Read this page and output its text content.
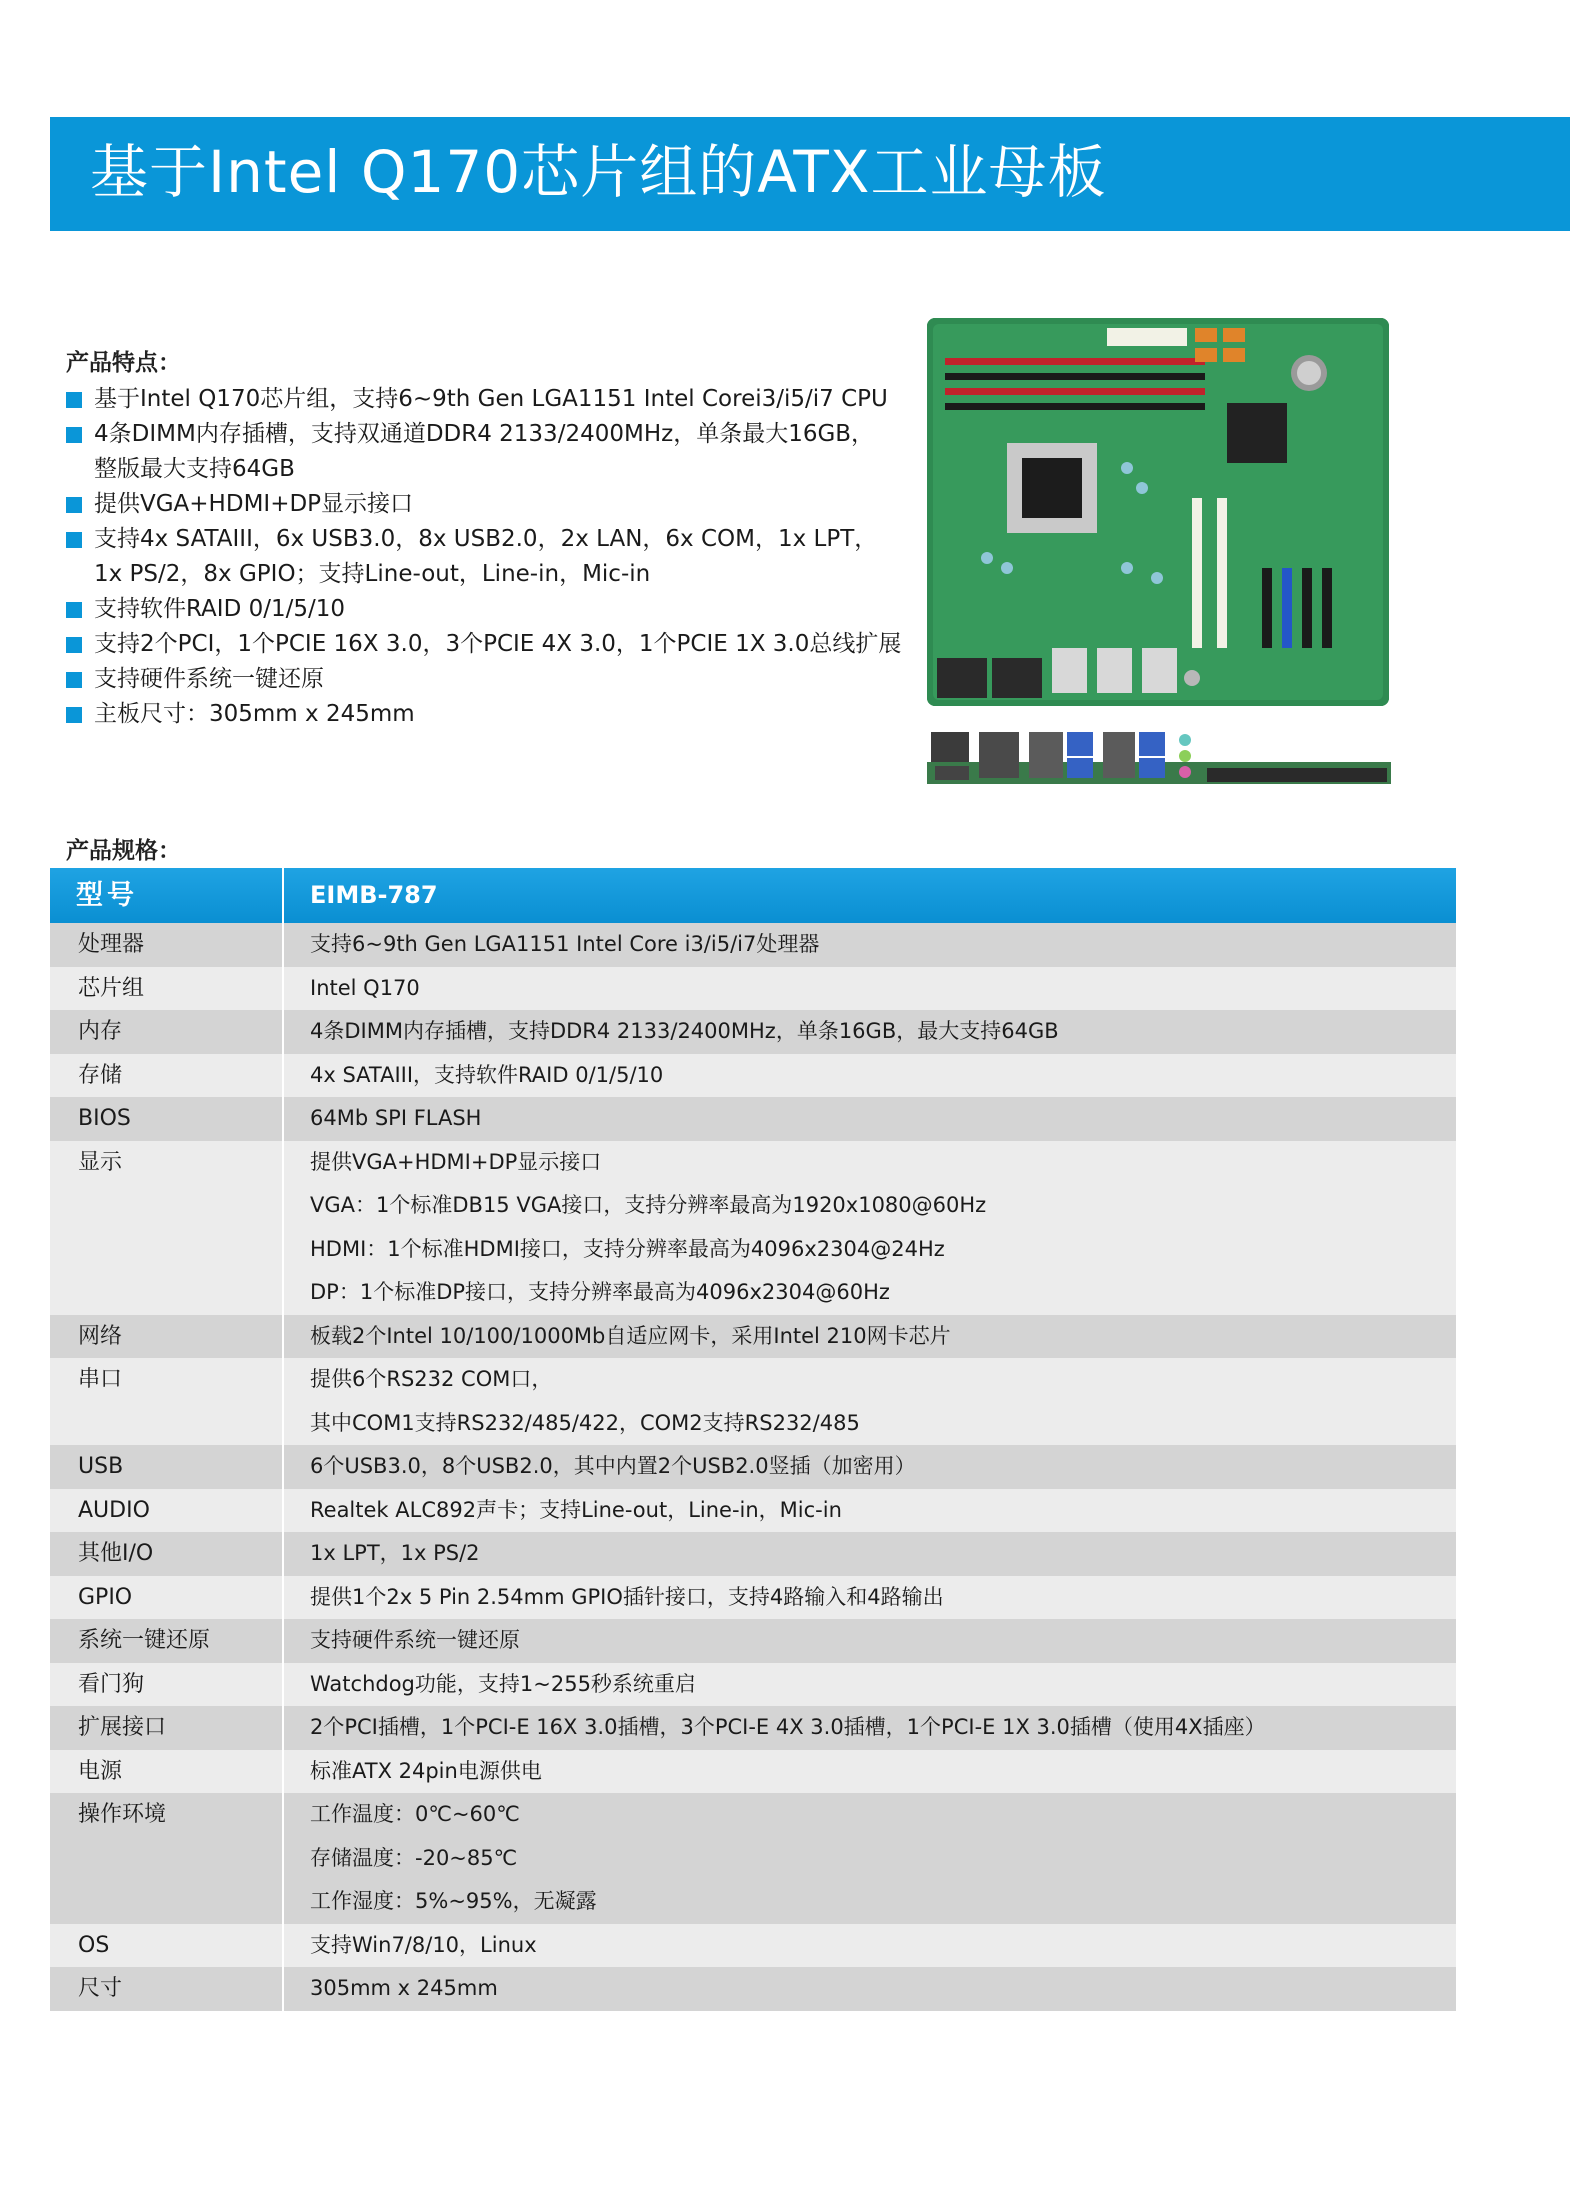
基于Intel Q170芯片组的ATX工业母板
产品特点：
基于Intel Q170芯片组，支持6~9th Gen LGA1151 Intel Corei3/i5/i7 CPU
4条DIMM内存插槽，支持双通道DDR4 2133/2400MHz，单条最大16GB，
整版最大支持64GB
提供VGA+HDMI+DP显示接口
支持4x SATAIII，6x USB3.0，8x USB2.0，2x LAN，6x COM，1x LPT，
1x PS/2，8x GPIO；支持Line-out，Line-in，Mic-in
支持软件RAID 0/1/5/10
支持2个PCI，1个PCIE 16X 3.0，3个PCIE 4X 3.0，1个PCIE 1X 3.0总线扩展
支持硬件系统一键还原
主板尺寸：305mm x 245mm
产品规格：
型号	EIMB-787
处理器	支持6~9th Gen LGA1151 Intel Core i3/i5/i7处理器
芯片组	Intel Q170
内存	4条DIMM内存插槽，支持DDR4 2133/2400MHz，单条16GB，最大支持64GB
存储	4x SATAIII，支持软件RAID 0/1/5/10
BIOS	64Mb SPI FLASH
显示	提供VGA+HDMI+DP显示接口
VGA：1个标准DB15 VGA接口，支持分辨率最高为1920x1080@60Hz
HDMI：1个标准HDMI接口，支持分辨率最高为4096x2304@24Hz
DP：1个标准DP接口，支持分辨率最高为4096x2304@60Hz
网络	板载2个Intel 10/100/1000Mb自适应网卡，采用Intel 210网卡芯片
串口	提供6个RS232 COM口，
其中COM1支持RS232/485/422，COM2支持RS232/485
USB	6个USB3.0，8个USB2.0，其中内置2个USB2.0竖插（加密用）
AUDIO	Realtek ALC892声卡；支持Line-out，Line-in，Mic-in
其他I/O	1x LPT，1x PS/2
GPIO	提供1个2x 5 Pin 2.54mm GPIO插针接口，支持4路输入和4路输出
系统一键还原	支持硬件系统一键还原
看门狗	Watchdog功能，支持1~255秒系统重启
扩展接口	2个PCI插槽，1个PCI-E 16X 3.0插槽，3个PCI-E 4X 3.0插槽，1个PCI-E 1X 3.0插槽（使用4X插座）
电源	标准ATX 24pin电源供电
操作环境	工作温度：0℃~60℃
存储温度：-20~85℃
工作湿度：5%~95%，无凝露
OS	支持Win7/8/10，Linux
尺寸	305mm x 245mm
